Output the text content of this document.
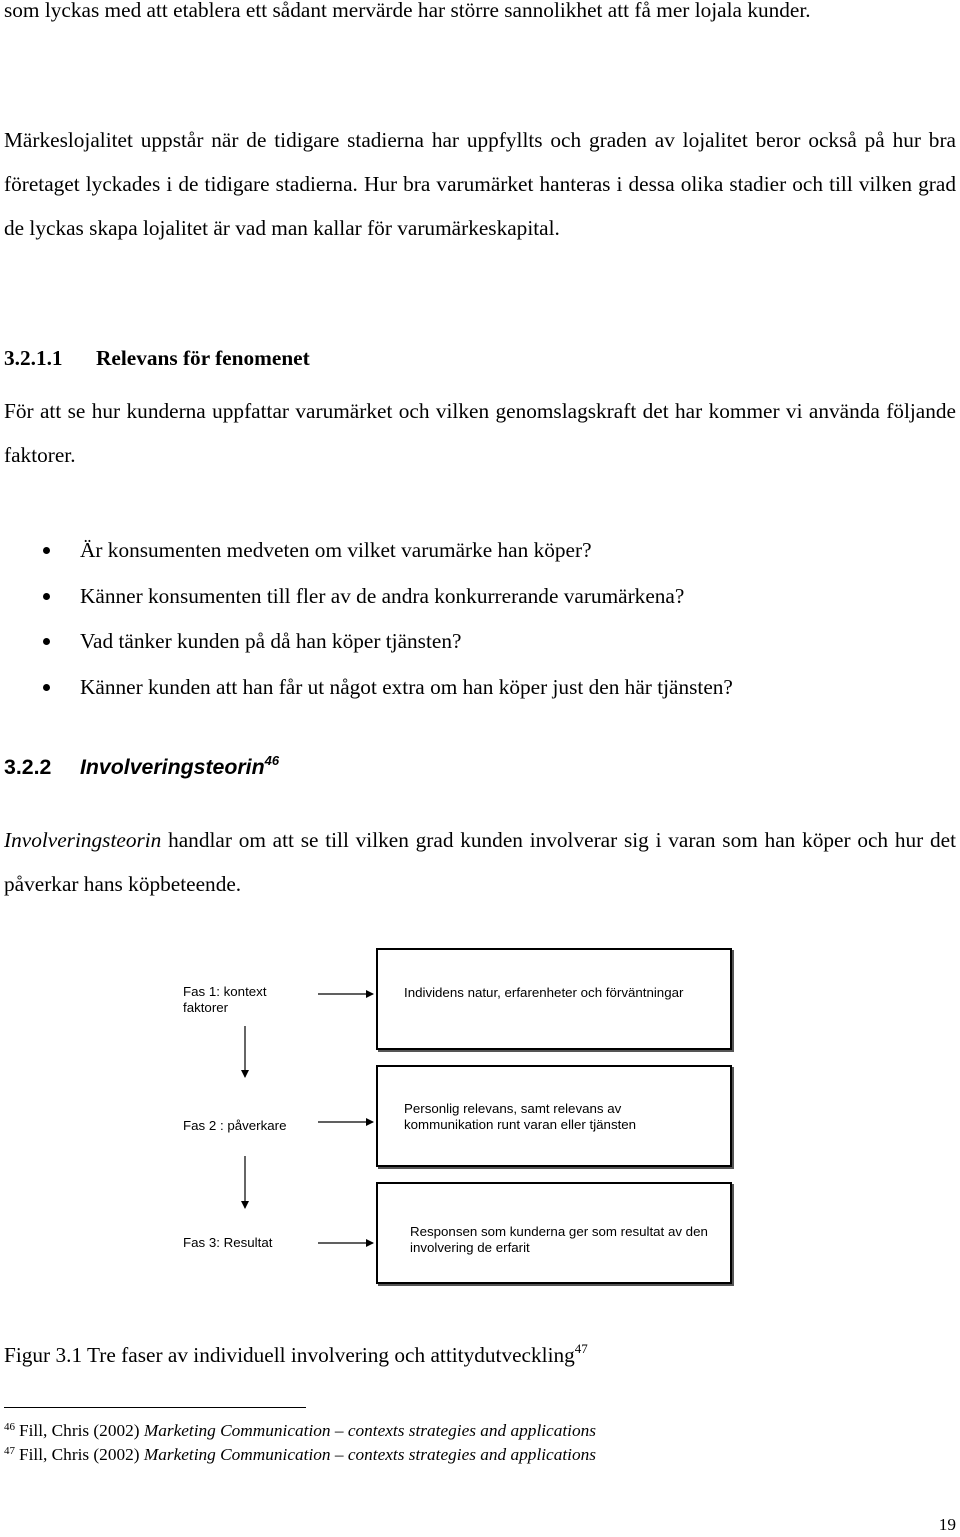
som lyckas med att etablera ett sådant mervärde har större sannolikhet att få mer lojala kunder.

Märkeslojalitet uppstår när de tidigare stadierna har uppfyllts och graden av lojalitet beror också på hur bra företaget lyckades i de tidigare stadierna. Hur bra varumärket hanteras i dessa olika stadier och till vilken grad de lyckas skapa lojalitet är vad man kallar för varumärkeskapital.

3.2.1.1 Relevans för fenomenet

För att se hur kunderna uppfattar varumärket och vilken genomslagskraft det har kommer vi använda följande faktorer.

Är konsumenten medveten om vilket varumärke han köper?
Känner konsumenten till fler av de andra konkurrerande varumärkena?
Vad tänker kunden på då han köper tjänsten?
Känner kunden att han får ut något extra om han köper just den här tjänsten?
3.2.2 Involveringsteorin$^{46}$

Involveringsteorin handlar om att se till vilken grad kunden involverar sig i varan som han köper och hur det påverkar hans köpbeteende.

Fas 1: kontext faktorer
Individens natur, erfarenheter och förväntningar
Fas 2 : påverkare
Personlig relevans, samt relevans av kommunikation runt varan eller tjänsten
Fas 3: Resultat
Responsen som kunderna ger som resultat av den involvering de erfarit

Figur 3.1 Tre faser av individuell involvering och attitydutveckling$^{47}$

$^{46}$ Fill, Chris (2002) Marketing Communication – contexts strategies and applications

$^{47}$ Fill, Chris (2002) Marketing Communication – contexts strategies and applications

19
